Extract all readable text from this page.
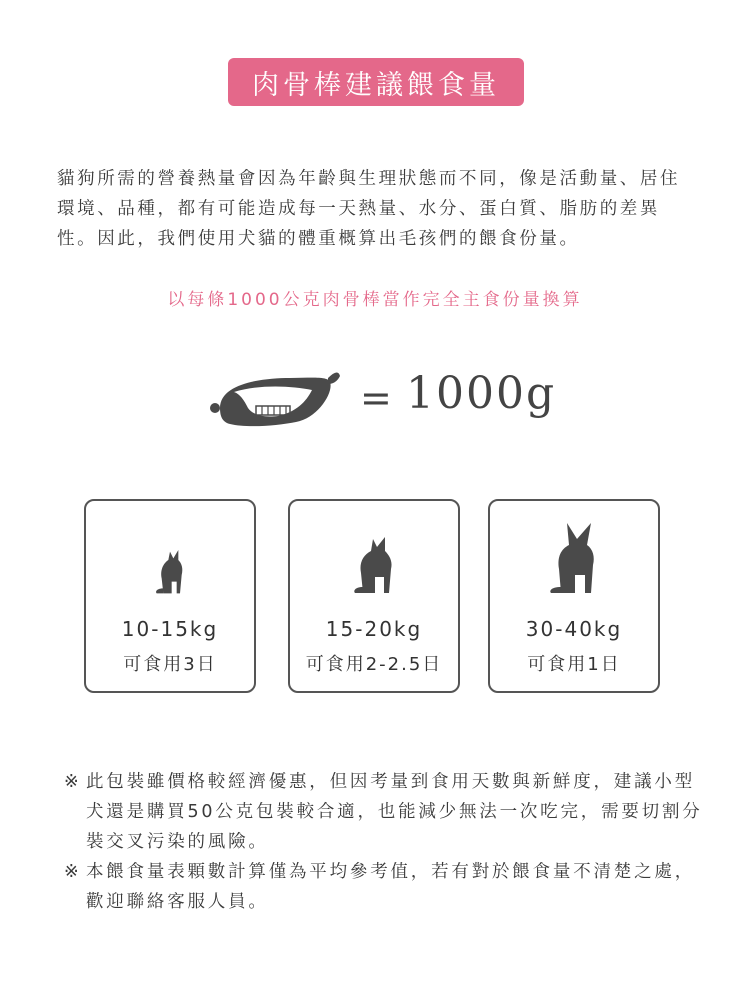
肉骨棒建議餵食量

貓狗所需的營養熱量會因為年齡與生理狀態而不同，像是活動量、居住環境、品種，都有可能造成每一天熱量、水分、蛋白質、脂肪的差異性。因此，我們使用犬貓的體重概算出毛孩們的餵食份量。

以每條1000公克肉骨棒當作完全主食份量換算
= 1000g
10-15kg
可食用3日
15-20kg
可食用2-2.5日
30-40kg
可食用1日

※ 此包裝雖價格較經濟優惠，但因考量到食用天數與新鮮度，建議小型犬還是購買50公克包裝較合適，也能減少無法一次吃完，需要切割分裝交叉污染的風險。

※ 本餵食量表顆數計算僅為平均參考值，若有對於餵食量不清楚之處，歡迎聯絡客服人員。
